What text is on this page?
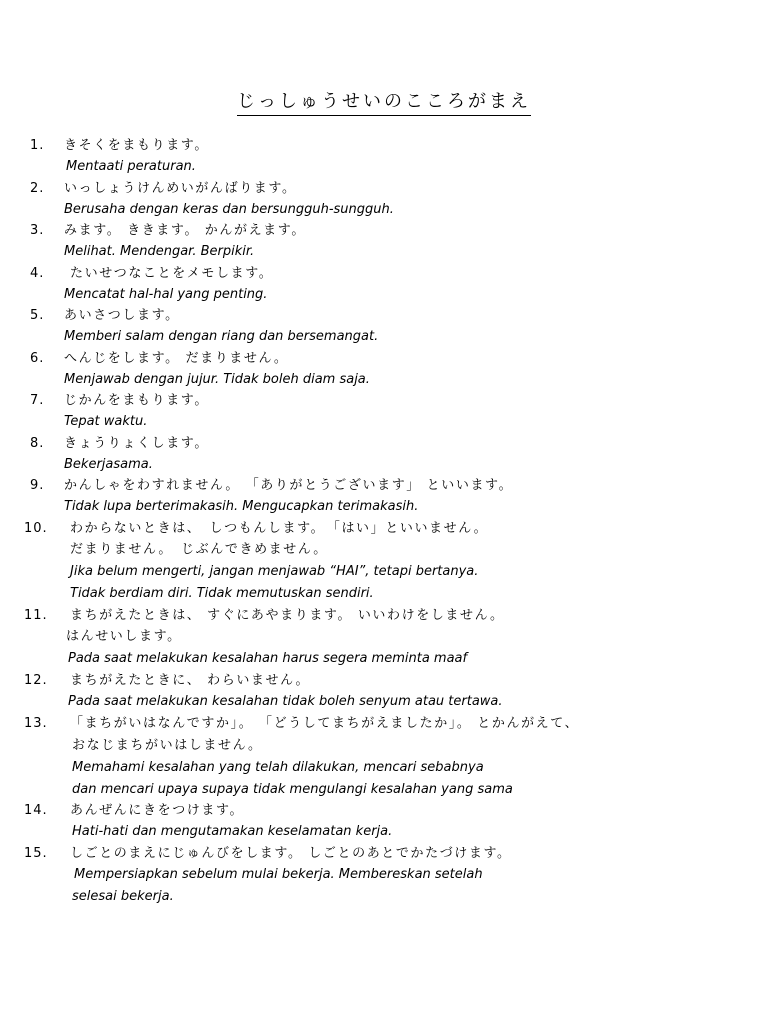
じっしゅうせいのこころがまえ
1. きそくをまもります。
Mentaati peraturan.
2. いっしょうけんめいがんばります。
Berusaha dengan keras dan bersungguh-sungguh.
3. みます。 ききます。 かんがえます。
Melihat. Mendengar. Berpikir.
4. たいせつなことをメモします。
Mencatat hal-hal yang penting.
5. あいさつします。
Memberi salam dengan riang dan bersemangat.
6. へんじをします。 だまりません。
Menjawab dengan jujur. Tidak boleh diam saja.
7. じかんをまもります。
Tepat waktu.
8. きょうりょくします。
Bekerjasama.
9. かんしゃをわすれません。 「ありがとうございます」 といいます。
Tidak lupa berterimakasih. Mengucapkan terimakasih.
10. わからないときは、　しつもんします。　「はい」といいません。
だまりません。　じぶんできめません。
Jika belum mengerti, jangan menjawab “HAI”, tetapi bertanya.
Tidak berdiam diri. Tidak memutuskan sendiri.
11. まちがえたときは、 すぐにあやまります。 いいわけをしません。
はんせいします。
Pada saat melakukan kesalahan harus segera meminta maaf
12. まちがえたときに、 わらいません。
Pada saat melakukan kesalahan tidak boleh senyum atau tertawa.
13. 「まちがいはなんですか」。 「どうしてまちがえましたか」。 とかんがえて、
おなじまちがいはしません。
Memahami kesalahan yang telah dilakukan, mencari sebabnya
dan mencari upaya supaya tidak mengulangi kesalahan yang sama
14. あんぜんにきをつけます。
Hati-hati dan mengutamakan keselamatan kerja.
15. しごとのまえにじゅんびをします。 しごとのあとでかたづけます。
Mempersiapkan sebelum mulai bekerja. Membereskan setelah
selesai bekerja.
